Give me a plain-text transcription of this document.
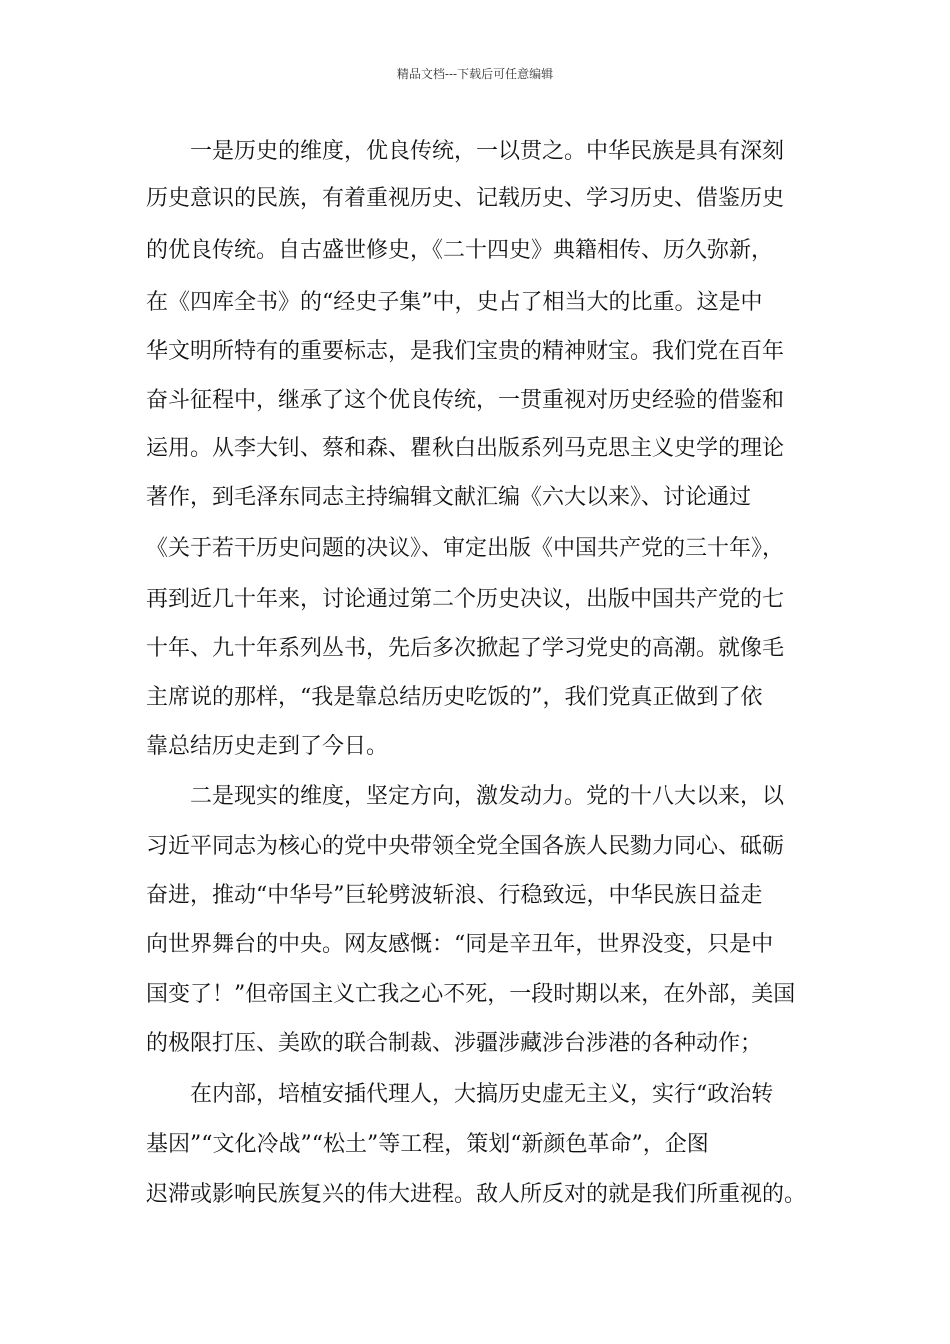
精品文档---下载后可任意编辑
　　一是历史的维度，优良传统，一以贯之。中华民族是具有深刻
历史意识的民族，有着重视历史、记载历史、学习历史、借鉴历史
的优良传统。自古盛世修史，《二十四史》典籍相传、历久弥新，
在《四库全书》的“经史子集”中，史占了相当大的比重。这是中
华文明所特有的重要标志，是我们宝贵的精神财宝。我们党在百年
奋斗征程中，继承了这个优良传统，一贯重视对历史经验的借鉴和
运用。从李大钊、蔡和森、瞿秋白出版系列马克思主义史学的理论
著作，到毛泽东同志主持编辑文献汇编《六大以来》、讨论通过
《关于若干历史问题的决议》、审定出版《中国共产党的三十年》，
再到近几十年来，讨论通过第二个历史决议，出版中国共产党的七
十年、九十年系列丛书，先后多次掀起了学习党史的高潮。就像毛
主席说的那样，“我是靠总结历史吃饭的”，我们党真正做到了依
靠总结历史走到了今日。
　　二是现实的维度，坚定方向，激发动力。党的十八大以来，以
习近平同志为核心的党中央带领全党全国各族人民勠力同心、砥砺
奋进，推动“中华号”巨轮劈波斩浪、行稳致远，中华民族日益走
向世界舞台的中央。网友感慨：“同是辛丑年，世界没变，只是中
国变了！”但帝国主义亡我之心不死，一段时期以来，在外部，美国
的极限打压、美欧的联合制裁、涉疆涉藏涉台涉港的各种动作；
　　在内部，培植安插代理人，大搞历史虚无主义，实行“政治转
基因”“文化冷战”“松土”等工程，策划“新颜色革命”，企图
迟滞或影响民族复兴的伟大进程。敌人所反对的就是我们所重视的。
